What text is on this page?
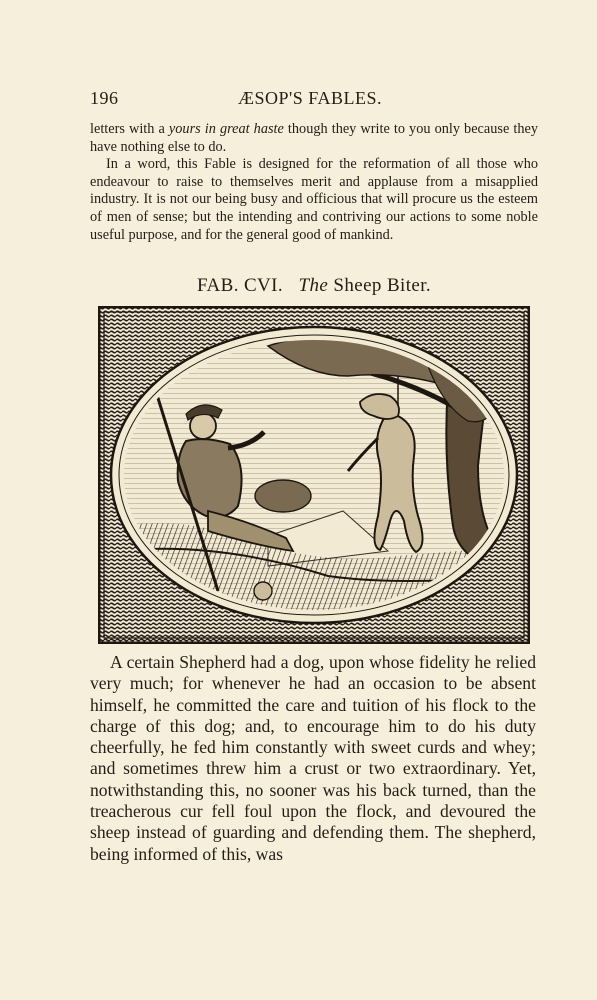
196	ÆSOP'S FABLES.

letters with a yours in great haste though they write to you only because they have nothing else to do.

In a word, this Fable is designed for the reformation of all those who endeavour to raise to themselves merit and applause from a misapplied industry. It is not our being busy and officious that will procure us the esteem of men of sense; but the intending and contriving our actions to some noble useful purpose, and for the general good of mankind.

FAB. CVI. The Sheep Biter.

A certain Shepherd had a dog, upon whose fidelity he relied very much; for whenever he had an occasion to be absent himself, he committed the care and tuition of his flock to the charge of this dog; and, to encourage him to do his duty cheerfully, he fed him constantly with sweet curds and whey; and sometimes threw him a crust or two extraordinary. Yet, notwithstanding this, no sooner was his back turned, than the treacherous cur fell foul upon the flock, and devoured the sheep instead of guarding and defending them. The shepherd, being informed of this, was
